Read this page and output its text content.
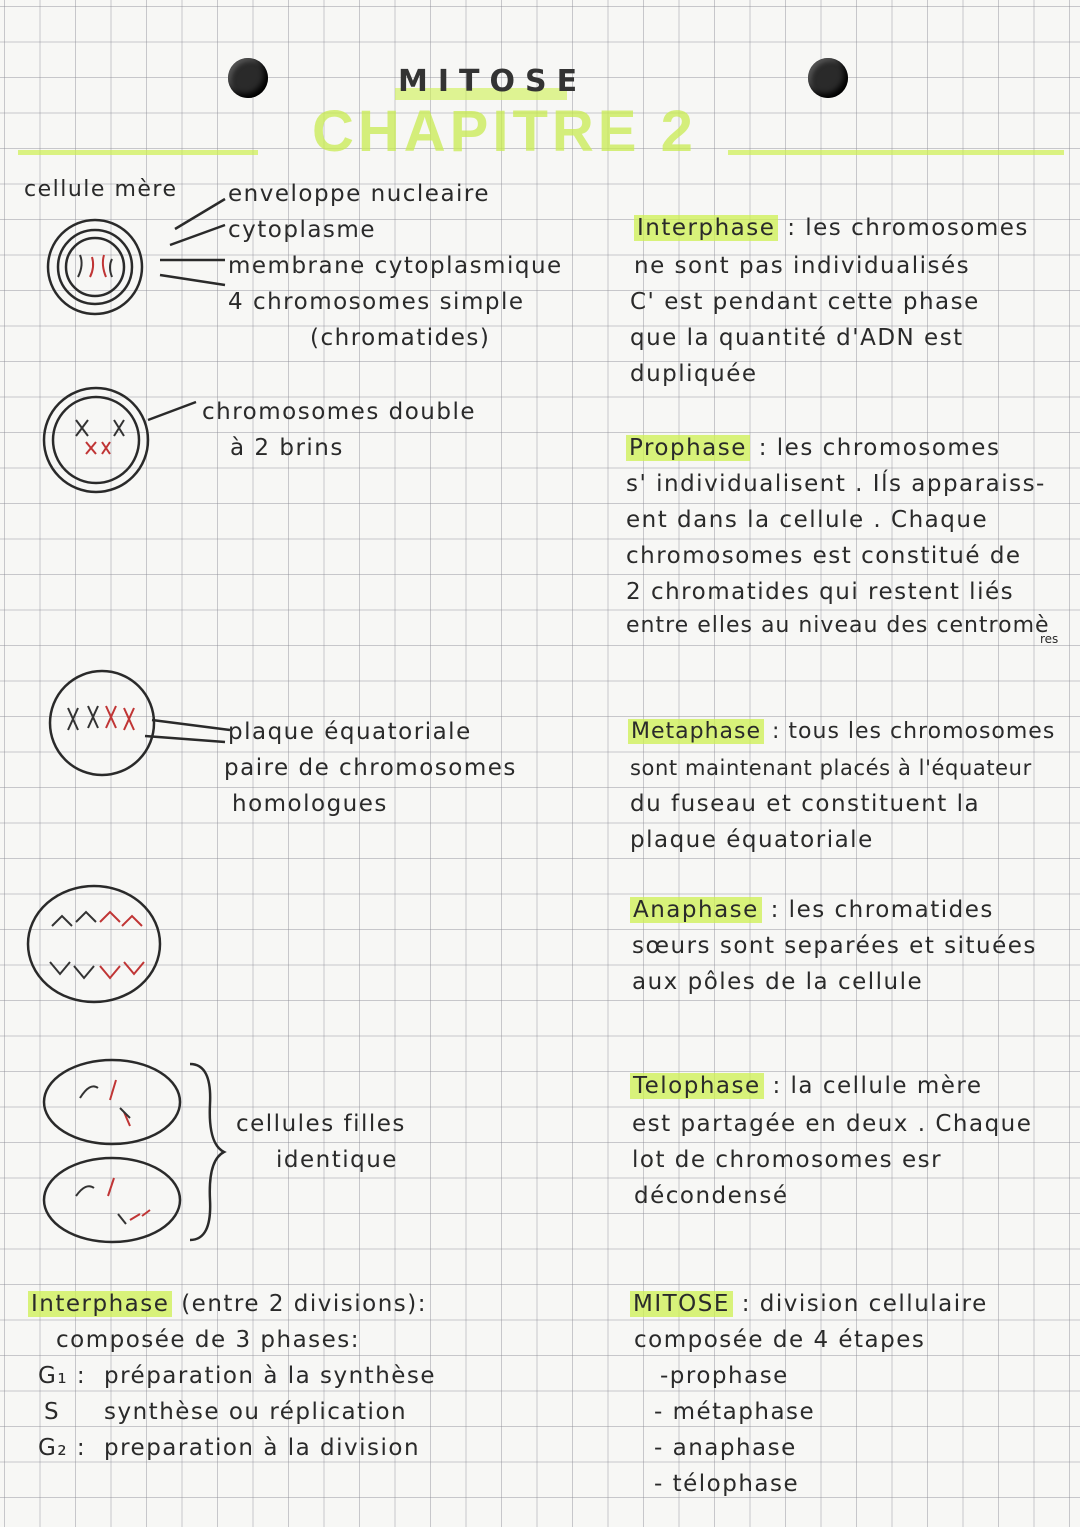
MITOSE
CHAPITRE 2
cellule mère enveloppe nucleaire
cytoplasme
membrane cytoplasmique
4 chromosomes simple
(chromatides)
chromosomes double
à 2 brins
plaque équatoriale
paire de chromosomes
homologues
cellules filles
identique
Interphase (entre 2 divisions):
composée de 3 phases:
G₁ : préparation à la synthèse
S synthèse ou réplication
G₂ : preparation à la division
Interphase : les chromosomes
ne sont pas individualisés
C' est pendant cette phase
que la quantité d'ADN est
dupliquée
Prophase : les chromosomes
s' individualisent . Iĺs apparaiss-
ent dans la cellule . Chaque
chromosomes est constitué de
2 chromatides qui restent liés
entre elles au niveau des centromè
res
Metaphase : tous les chromosomes
sont maintenant placés à l'équateur
du fuseau et constituent la
plaque équatoriale
Anaphase : les chromatides
sœurs sont separées et situées
aux pôles de la cellule
Telophase : la cellule mère
est partagée en deux . Chaque
lot de chromosomes esr
décondensé
MITOSE : division cellulaire
composée de 4 étapes
-prophase
- métaphase
- anaphase
- télophase
